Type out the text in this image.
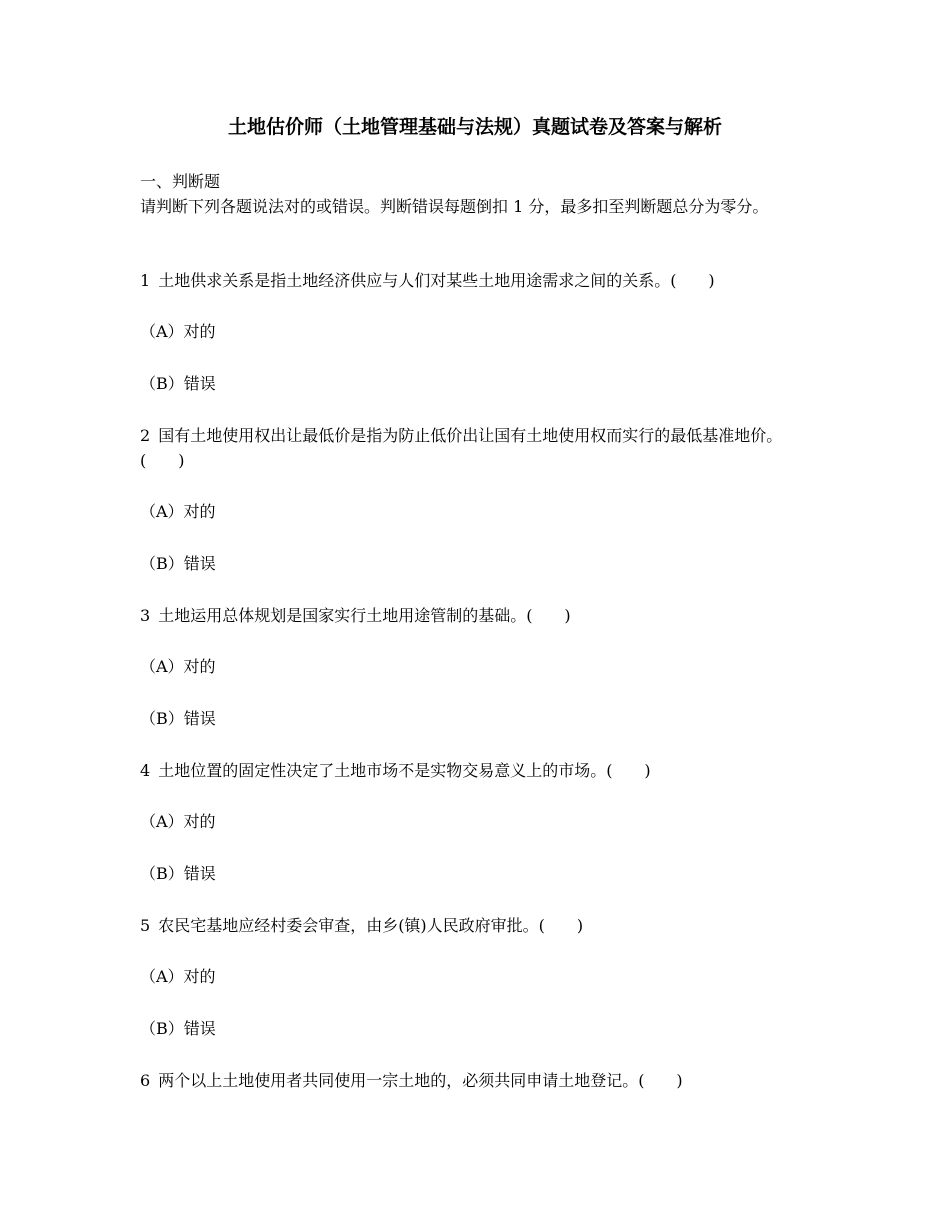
土地估价师（土地管理基础与法规）真题试卷及答案与解析
一、判断题
请判断下列各题说法对的或错误。判断错误每题倒扣 1 分，最多扣至判断题总分为零分。
1 土地供求关系是指土地经济供应与人们对某些土地用途需求之间的关系。(　　)
（A）对的
（B）错误
2 国有土地使用权出让最低价是指为防止低价出让国有土地使用权而实行的最低基准地价。(　　)
（A）对的
（B）错误
3 土地运用总体规划是国家实行土地用途管制的基础。(　　)
（A）对的
（B）错误
4 土地位置的固定性决定了土地市场不是实物交易意义上的市场。(　　)
（A）对的
（B）错误
5 农民宅基地应经村委会审查，由乡(镇)人民政府审批。(　　)
（A）对的
（B）错误
6 两个以上土地使用者共同使用一宗土地的，必须共同申请土地登记。(　　)
